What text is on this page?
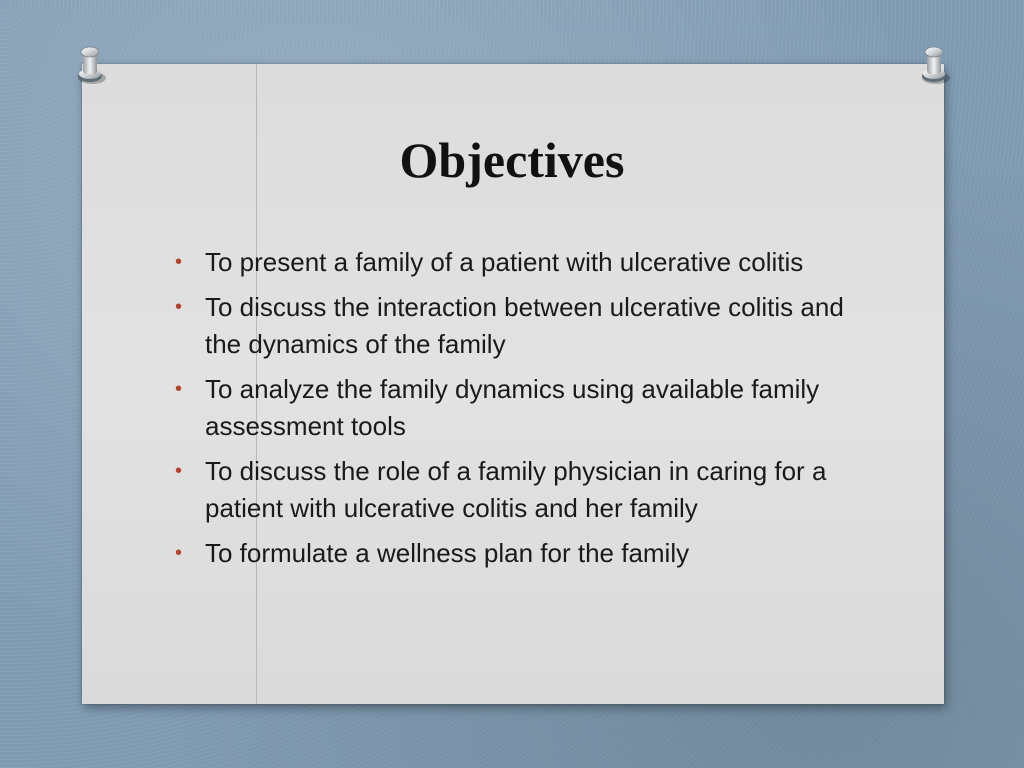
Objectives
• To present a family of a patient with ulcerative colitis
• To discuss the interaction between ulcerative colitis and the dynamics of the family
• To analyze the family dynamics using available family assessment tools
• To discuss the role of a family physician in caring for a patient with ulcerative colitis and her family
• To formulate a wellness plan for the family
